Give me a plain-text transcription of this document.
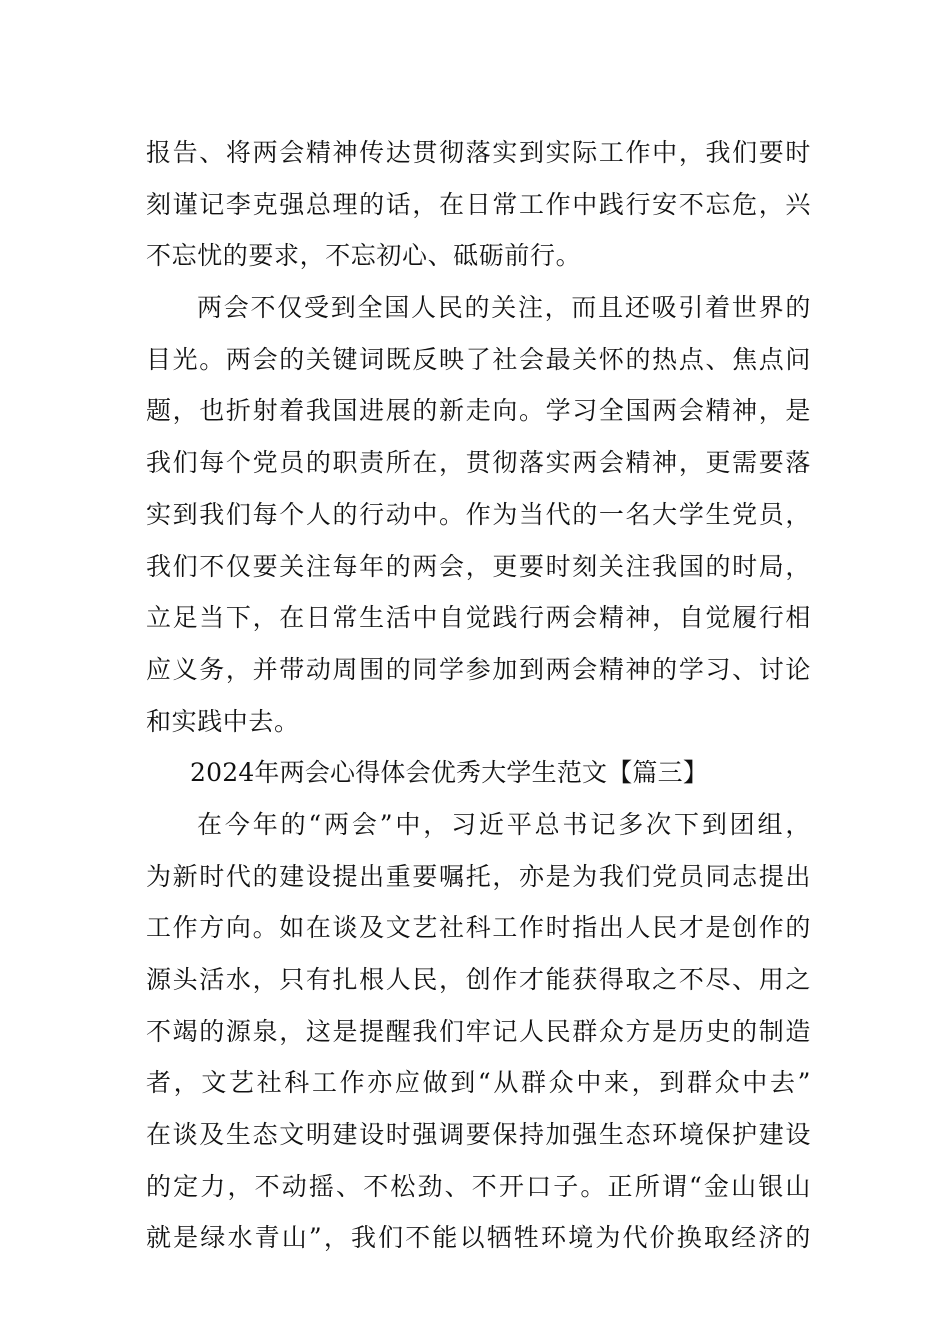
报告、将两会精神传达贯彻落实到实际工作中，我们要时
刻谨记李克强总理的话，在日常工作中践行安不忘危，兴
不忘忧的要求，不忘初心、砥砺前行。
两会不仅受到全国人民的关注，而且还吸引着世界的
目光。两会的关键词既反映了社会最关怀的热点、焦点问
题，也折射着我国进展的新走向。学习全国两会精神，是
我们每个党员的职责所在，贯彻落实两会精神，更需要落
实到我们每个人的行动中。作为当代的一名大学生党员，
我们不仅要关注每年的两会，更要时刻关注我国的时局，
立足当下，在日常生活中自觉践行两会精神，自觉履行相
应义务，并带动周围的同学参加到两会精神的学习、讨论
和实践中去。
2024年两会心得体会优秀大学生范文【篇三】
在今年的“两会”中，习近平总书记多次下到团组，
为新时代的建设提出重要嘱托，亦是为我们党员同志提出
工作方向。如在谈及文艺社科工作时指出人民才是创作的
源头活水，只有扎根人民，创作才能获得取之不尽、用之
不竭的源泉，这是提醒我们牢记人民群众方是历史的制造
者，文艺社科工作亦应做到“从群众中来，到群众中去”
在谈及生态文明建设时强调要保持加强生态环境保护建设
的定力，不动摇、不松劲、不开口子。正所谓“金山银山
就是绿水青山”，我们不能以牺牲环境为代价换取经济的
